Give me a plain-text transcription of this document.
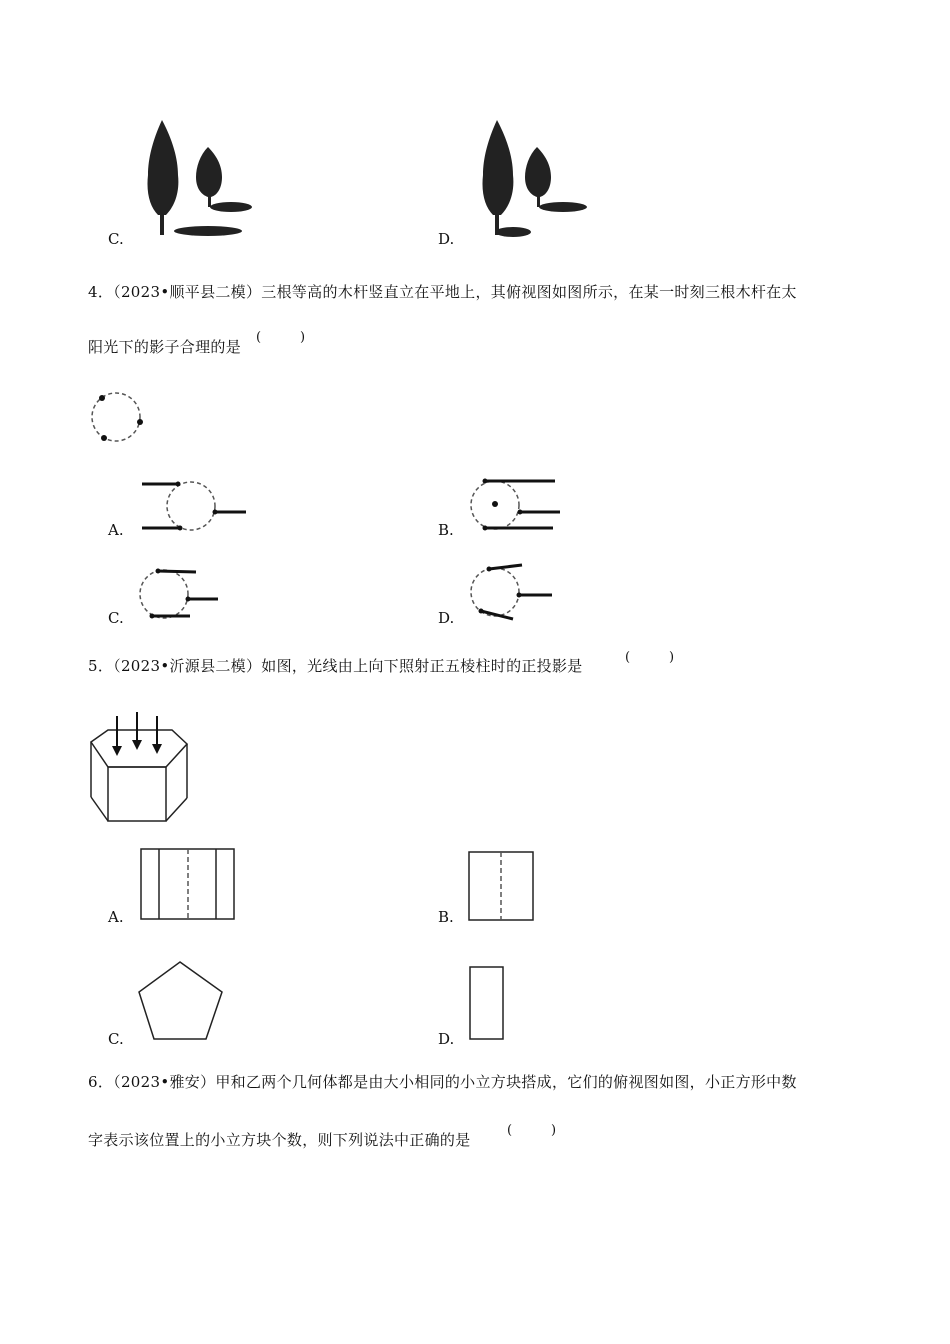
C.	D.
4．（2023•顺平县二模）三根等高的木杆竖直立在平地上，其俯视图如图所示，在某一时刻三根木杆在太
阳光下的影子合理的是
(	)
A.	B.
C.	D.
5．（2023•沂源县二模）如图，光线由上向下照射正五棱柱时的正投影是	(	)
A.	B.
C.	D.
6．（2023•雅安）甲和乙两个几何体都是由大小相同的小立方块搭成，它们的俯视图如图，小正方形中数
字表示该位置上的小立方块个数，则下列说法中正确的是
(	)
